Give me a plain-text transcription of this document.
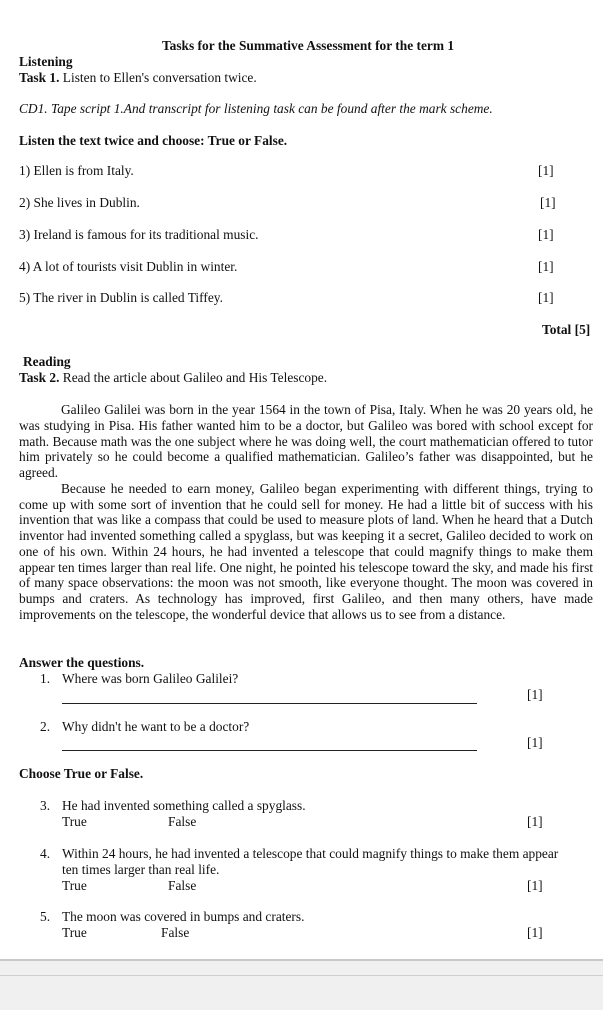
Tasks for the Summative Assessment for the term 1
Listening
Task 1. Listen to Ellen's conversation twice.
CD1. Tape script 1.And transcript for listening task can be found after the mark scheme.
Listen the text twice and choose: True or False.
1) Ellen is from Italy.	[1]
2) She lives in Dublin.	[1]
3) Ireland is famous for its traditional music.	[1]
4) A lot of tourists visit Dublin in winter.	[1]
5) The river in Dublin is called Tiffey.	[1]
Total [5]
Reading
Task 2. Read the article about Galileo and His Telescope.

Galileo Galilei was born in the year 1564 in the town of Pisa, Italy. When he was 20 years old, he was studying in Pisa. His father wanted him to be a doctor, but Galileo was bored with school except for math. Because math was the one subject where he was doing well, the court mathematician offered to tutor him privately so he could become a qualified mathematician. Galileo’s father was disappointed, but he agreed.

Because he needed to earn money, Galileo began experimenting with different things, trying to come up with some sort of invention that he could sell for money. He had a little bit of success with his invention that was like a compass that could be used to measure plots of land. When he heard that a Dutch inventor had invented something called a spyglass, but was keeping it a secret, Galileo decided to work on one of his own. Within 24 hours, he had invented a telescope that could magnify things to make them appear ten times larger than real life. One night, he pointed his telescope toward the sky, and made his first of many space observations: the moon was not smooth, like everyone thought. The moon was covered in bumps and craters. As technology has improved, first Galileo, and then many others, have made improvements on the telescope, the wonderful device that allows us to see from a distance.

Answer the questions.
1. Where was born Galileo Galilei?
[1]
2. Why didn't he want to be a doctor?
[1]
Choose True or False.
3. He had invented something called a spyglass.
True	False	[1]
4. Within 24 hours, he had invented a telescope that could magnify things to make them appear
ten times larger than real life.
True	False	[1]
5. The moon was covered in bumps and craters.
True	False	[1]
